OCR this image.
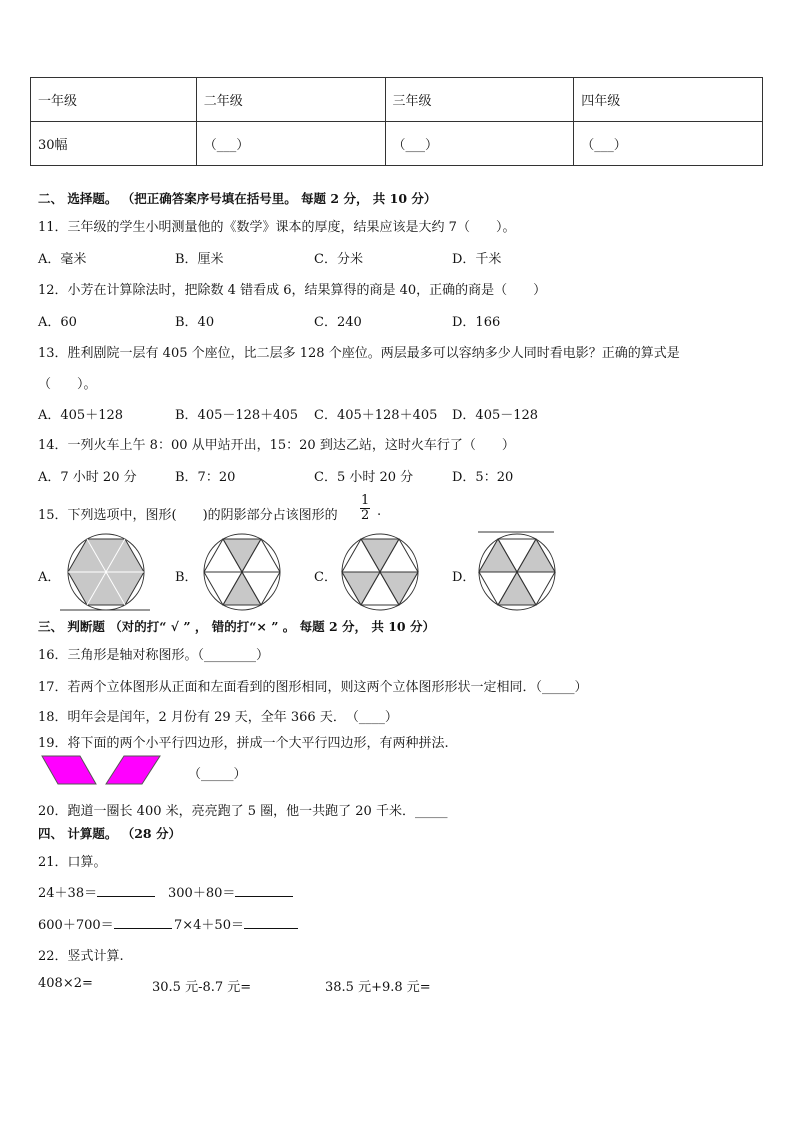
一年级	二年级	三年级	四年级
30幅	（___）	（___）	（___）
二、 选择题。 （把正确答案序号填在括号里。 每题 2 分， 共 10 分）
11．三年级的学生小明测量他的《数学》课本的厚度，结果应该是大约 7（　　）。
A．毫米	B．厘米	C．分米	D．千米
12．小芳在计算除法时，把除数 4 错看成 6，结果算得的商是 40，正确的商是（　　）
A．60	B．40	C．240	D．166
13．胜利剧院一层有 405 个座位，比二层多 128 个座位。两层最多可以容纳多少人同时看电影？正确的算式是
（　　）。
A．405＋128	B．405－128＋405 C．405＋128＋405 D．405－128
14．一列火车上午 8：00 从甲站开出，15：20 到达乙站，这时火车行了（　　）
A．7 小时 20 分	B．7：20	C．5 小时 20 分	D．5：20
15．下列选项中，图形(　　)的阴影部分占该图形的 $\frac{1}{2}$ .
A．	B．	C．	D．
三、 判断题 （对的打“ √ ” ， 错的打“× ” 。 每题 2 分， 共 10 分）
16．三角形是轴对称图形。（________）
17．若两个立体图形从正面和左面看到的图形相同，则这两个立体图形形状一定相同．（_____）
18．明年会是闰年，2 月份有 29 天，全年 366 天．　（____）
19．将下面的两个小平行四边形，拼成一个大平行四边形，有两种拼法.
（_____）
20．跑道一圈长 400 米，亮亮跑了 5 圈，他一共跑了 20 千米．_____
四、 计算题。 （28 分）
21．口算。
24＋38＝	300＋80＝
600＋700＝	7×4＋50＝
22．竖式计算.
408×2=	30.5 元-8.7 元=	38.5 元+9.8 元=
